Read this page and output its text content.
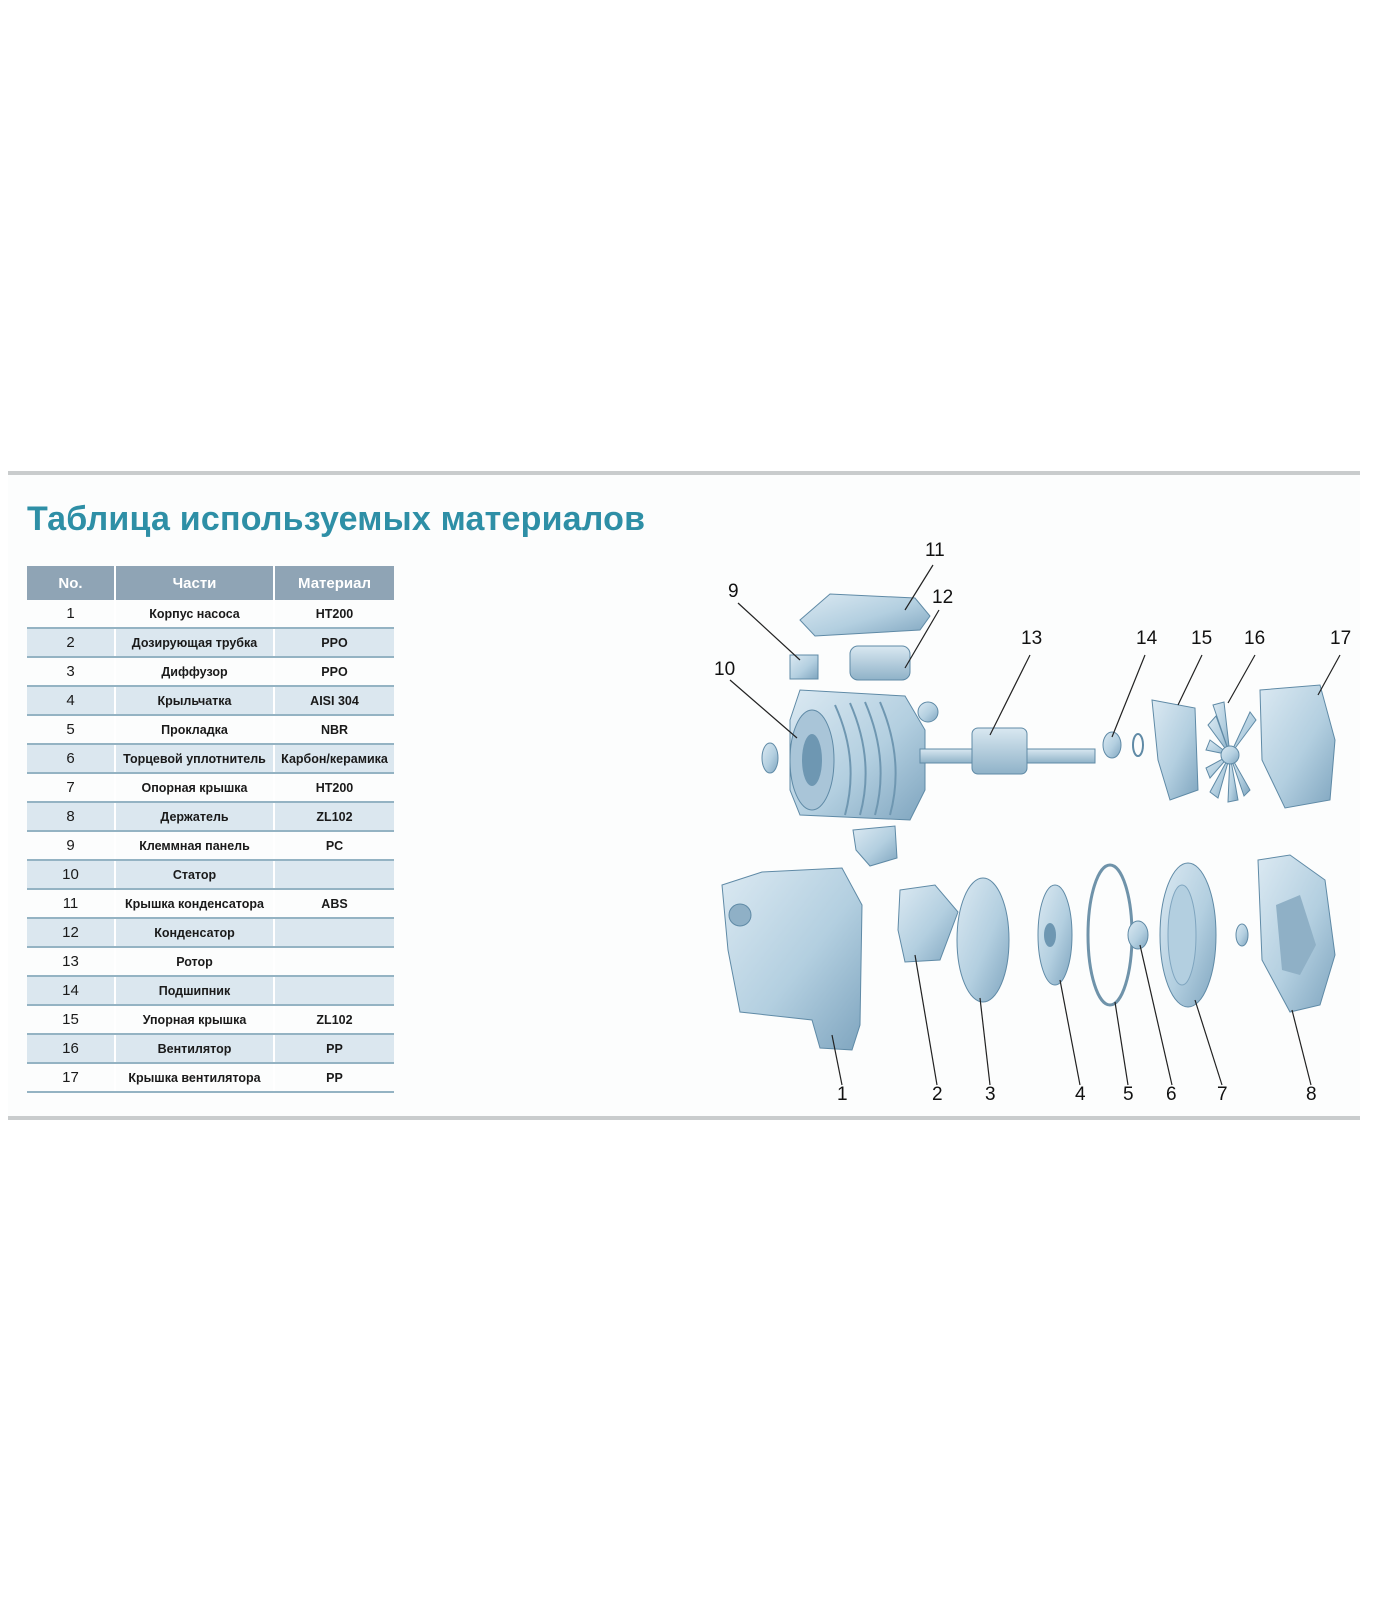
Таблица используемых материалов
No.	Части	Материал
1	Корпус насоса	HT200
2	Дозирующая трубка	PPO
3	Диффузор	PPO
4	Крыльчатка	AISI 304
5	Прокладка	NBR
6	Торцевой уплотнитель	Карбон/керамика
7	Опорная крышка	HT200
8	Держатель	ZL102
9	Клеммная панель	PC
10	Статор	
11	Крышка конденсатора	ABS
12	Конденсатор	
13	Ротор	
14	Подшипник	
15	Упорная крышка	ZL102
16	Вентилятор	PP
17	Крышка вентилятора	PP
11
12
9
10
13	14 15 16	17
1	2 3	4 5 6 7	8
